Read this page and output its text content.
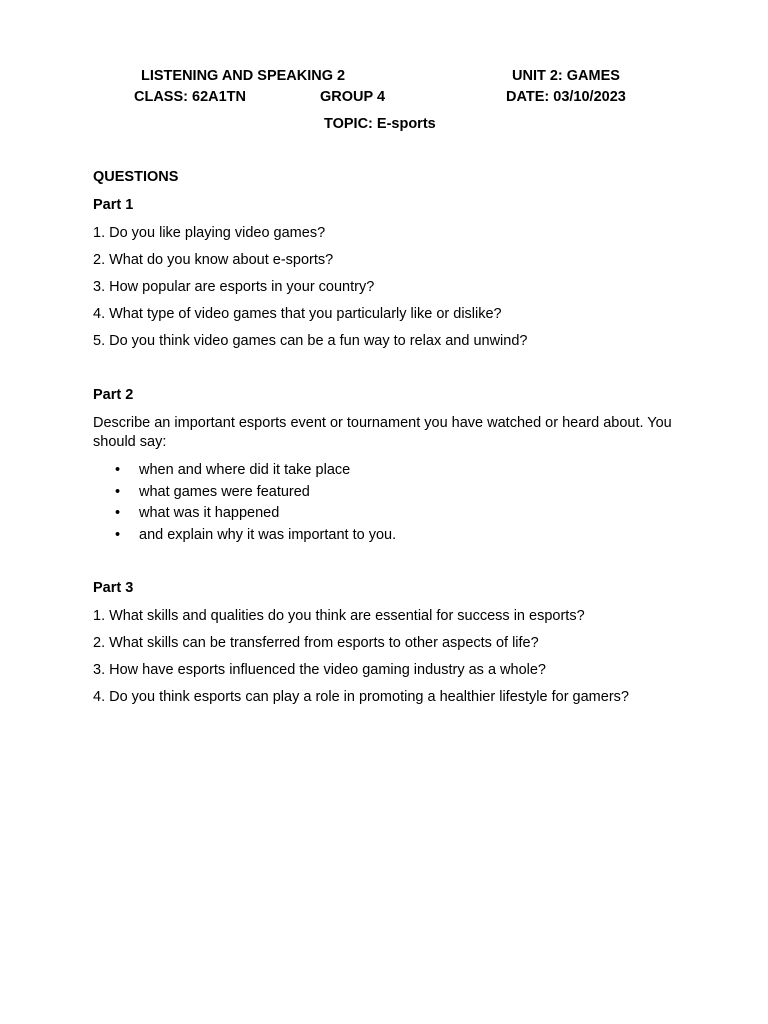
LISTENING AND SPEAKING 2	UNIT 2: GAMES
CLASS: 62A1TN	GROUP 4	DATE: 03/10/2023
TOPIC: E-sports

QUESTIONS

Part 1

1. Do you like playing video games?

2. What do you know about e-sports?

3. How popular are esports in your country?

4. What type of video games that you particularly like or dislike?

5. Do you think video games can be a fun way to relax and unwind?

Part 2

Describe an important esports event or tournament you have watched or heard about. You should say:

• when and where did it take place
• what games were featured
• what was it happened
• and explain why it was important to you.

Part 3

1. What skills and qualities do you think are essential for success in esports?

2. What skills can be transferred from esports to other aspects of life?

3. How have esports influenced the video gaming industry as a whole?

4. Do you think esports can play a role in promoting a healthier lifestyle for gamers?
